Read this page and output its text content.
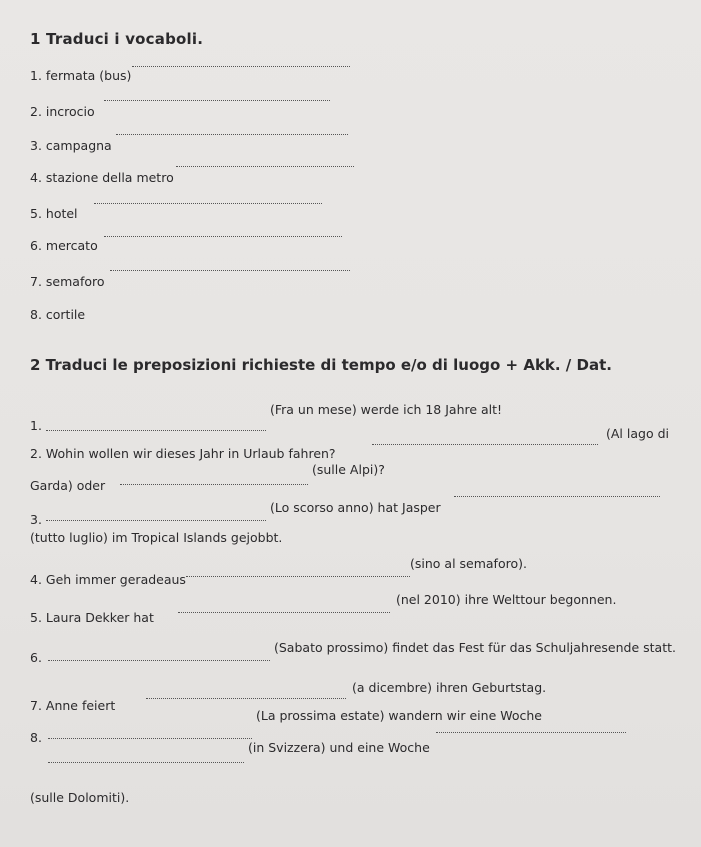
1 Traduci i vocaboli.
1. fermata (bus)
2. incrocio
3. campagna
4. stazione della metro
5. hotel
6. mercato
7. semaforo
8. cortile
2 Traduci le preposizioni richieste di tempo e/o di luogo + Akk. / Dat.
1.
(Fra un mese) werde ich 18 Jahre alt!
2. Wohin wollen wir dieses Jahr in Urlaub fahren?
(Al lago di
Garda) oder
(sulle Alpi)?
3.
(Lo scorso anno) hat Jasper
(tutto luglio) im Tropical Islands gejobbt.
4. Geh immer geradeaus
(sino al semaforo).
5. Laura Dekker hat
(nel 2010) ihre Welttour begonnen.
6.
(Sabato prossimo) findet das Fest für das Schuljahresende statt.
7. Anne feiert
(a dicembre) ihren Geburtstag.
8.
(La prossima estate) wandern wir eine Woche
(in Svizzera) und eine Woche
(sulle Dolomiti).
